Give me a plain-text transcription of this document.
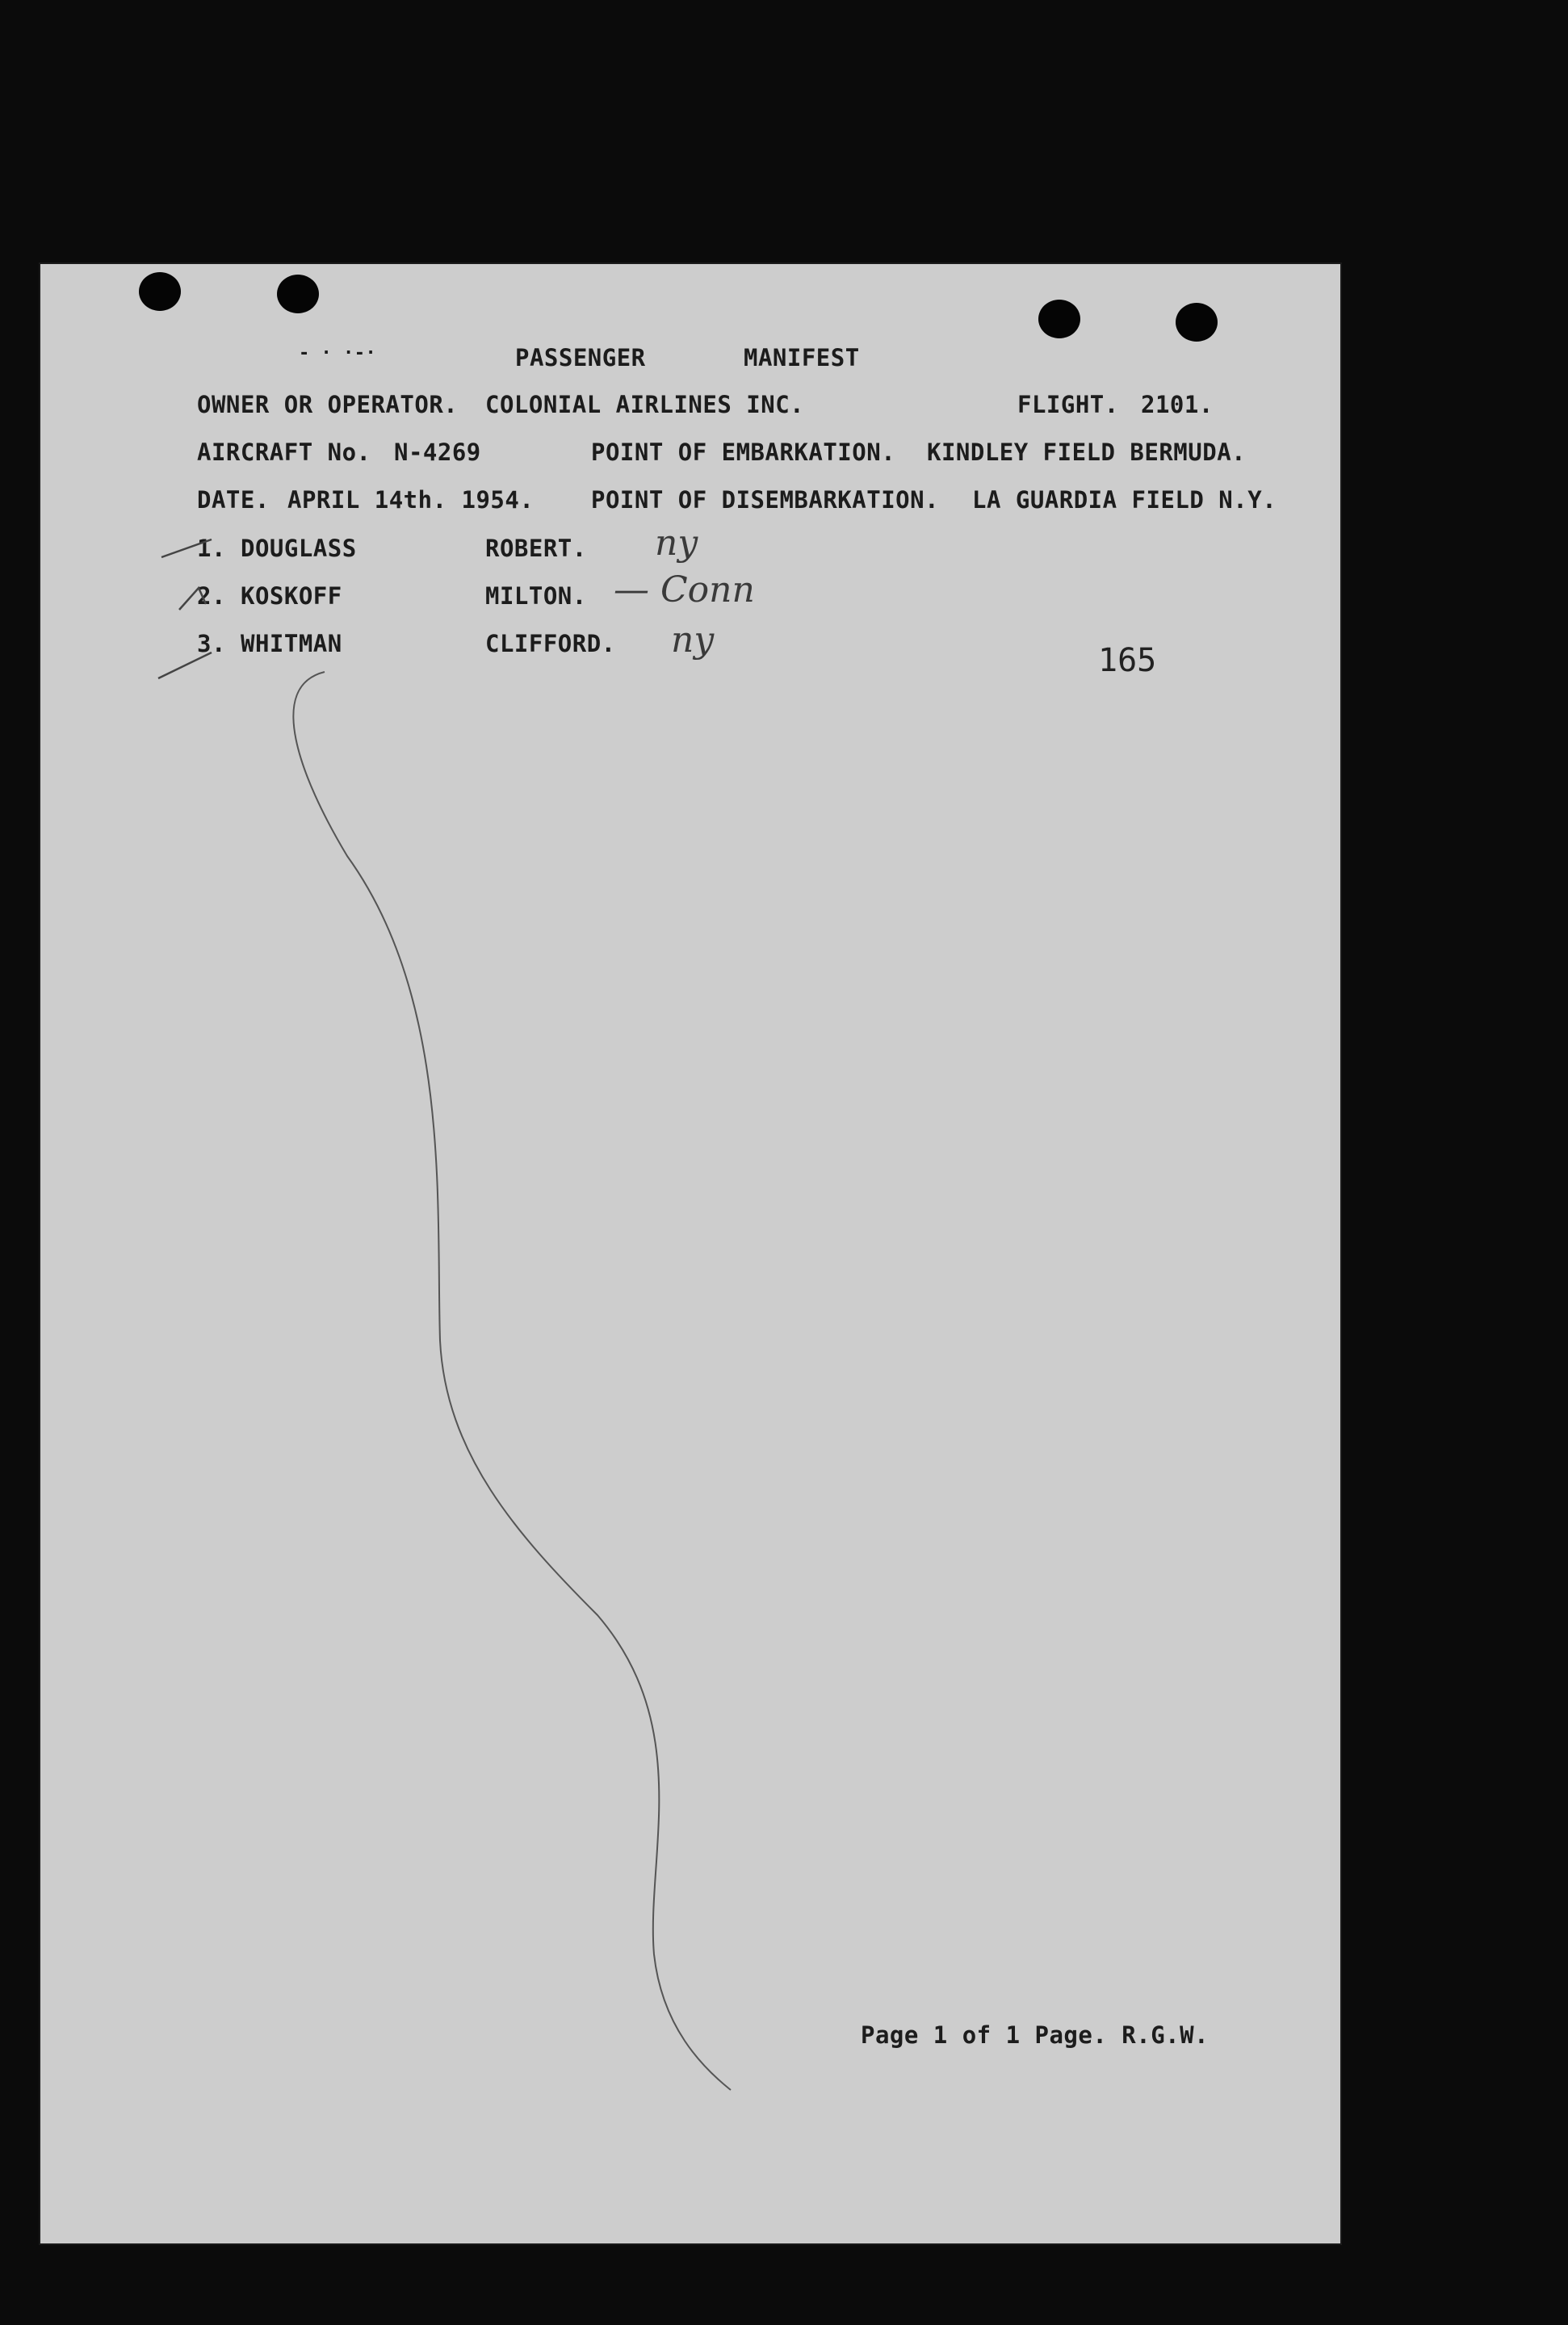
- · ·-·	PASSENGER	MANIFEST
OWNER OR OPERATOR. COLONIAL AIRLINES INC.	FLIGHT. 2101.
AIRCRAFT No. N-4269	POINT OF EMBARKATION. KINDLEY FIELD BERMUDA.
DATE. APRIL 14th. 1954. POINT OF DISEMBARKATION. LA GUARDIA FIELD N.Y.
1. DOUGLASS	ROBERT. ny
2. KOSKOFF	MILTON. — Conn
3. WHITMAN	CLIFFORD. ny	165
Page 1 of 1 Page. R.G.W.
